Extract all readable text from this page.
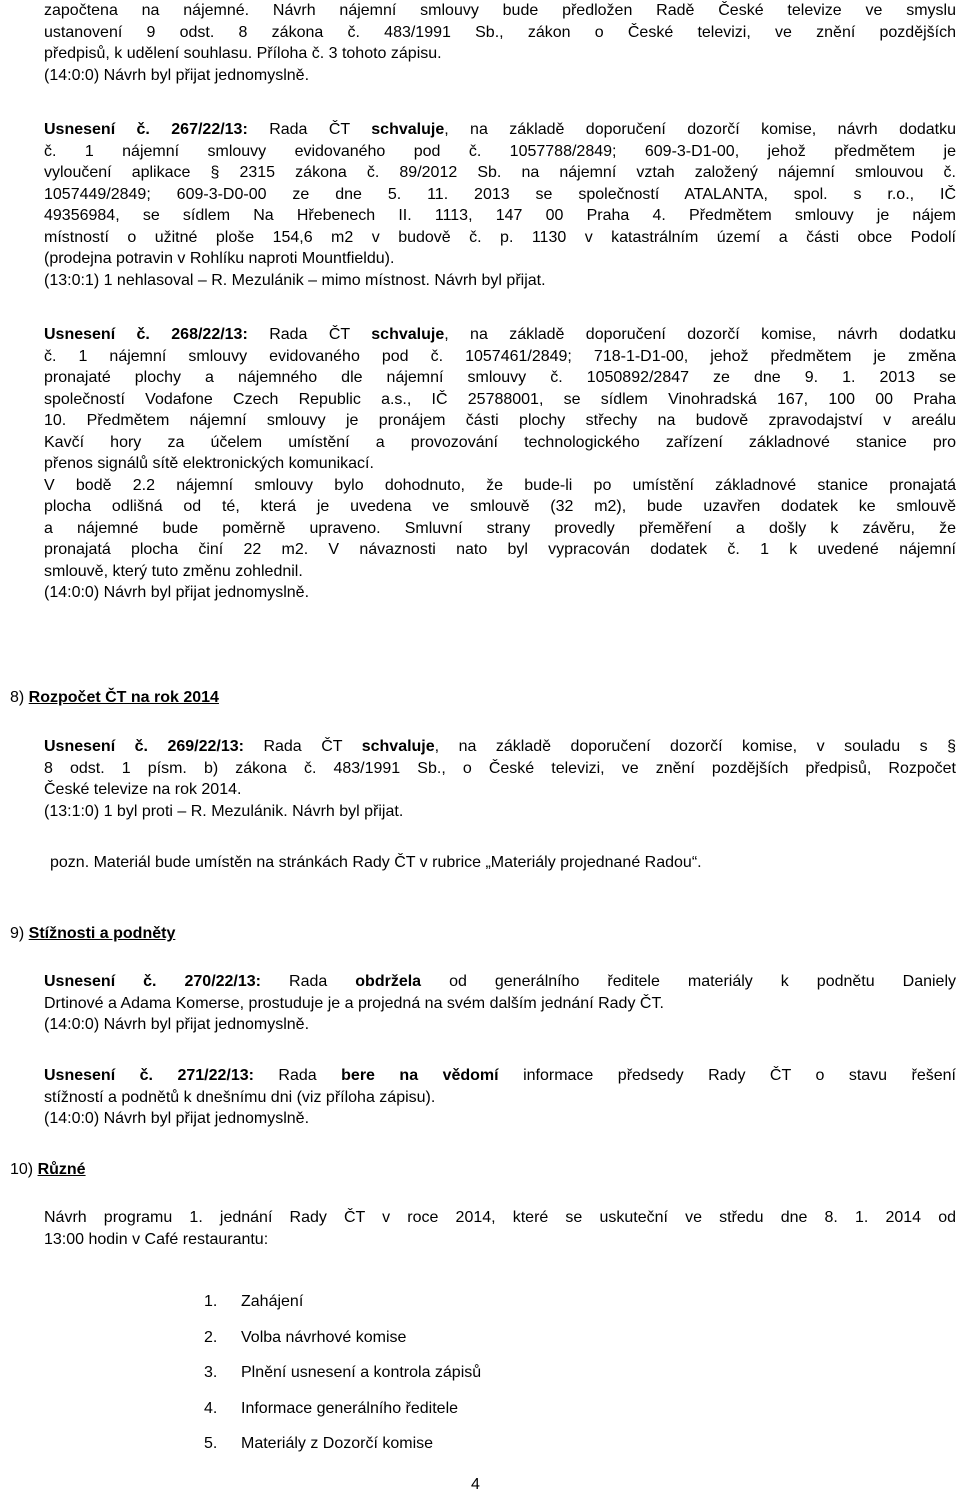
započtena na nájemné. Návrh nájemní smlouvy bude předložen Radě České televize ve smyslu
ustanovení 9 odst. 8 zákona č. 483/1991 Sb., zákon o České televizi, ve znění pozdějších
předpisů, k udělení souhlasu. Příloha č. 3 tohoto zápisu.
(14:0:0) Návrh byl přijat jednomyslně.
Usnesení č. 267/22/13: Rada ČT schvaluje, na základě doporučení dozorčí komise, návrh dodatku
č. 1 nájemní smlouvy evidovaného pod č. 1057788/2849; 609-3-D1-00, jehož předmětem je
vyloučení aplikace § 2315 zákona č. 89/2012 Sb. na nájemní vztah založený nájemní smlouvou č.
1057449/2849; 609-3-D0-00 ze dne 5. 11. 2013 se společností ATALANTA, spol. s r.o., IČ
49356984, se sídlem Na Hřebenech II. 1113, 147 00 Praha 4. Předmětem smlouvy je nájem
místností o užitné ploše 154,6 m2 v budově č. p. 1130 v katastrálním území a části obce Podolí
(prodejna potravin v Rohlíku naproti Mountfieldu).
(13:0:1) 1 nehlasoval – R. Mezulánik – mimo místnost. Návrh byl přijat.
Usnesení č. 268/22/13: Rada ČT schvaluje, na základě doporučení dozorčí komise, návrh dodatku
č. 1 nájemní smlouvy evidovaného pod č. 1057461/2849; 718-1-D1-00, jehož předmětem je změna
pronajaté plochy a nájemného dle nájemní smlouvy č. 1050892/2847 ze dne 9. 1. 2013 se
společností Vodafone Czech Republic a.s., IČ 25788001, se sídlem Vinohradská 167, 100 00 Praha
10. Předmětem nájemní smlouvy je pronájem části plochy střechy na budově zpravodajství v areálu
Kavčí hory za účelem umístění a provozování technologického zařízení základnové stanice pro
přenos signálů sítě elektronických komunikací.
V bodě 2.2 nájemní smlouvy bylo dohodnuto, že bude-li po umístění základnové stanice pronajatá
plocha odlišná od té, která je uvedena ve smlouvě (32 m2), bude uzavřen dodatek ke smlouvě
a nájemné bude poměrně upraveno. Smluvní strany provedly přeměření a došly k závěru, že
pronajatá plocha činí 22 m2. V návaznosti nato byl vypracován dodatek č. 1 k uvedené nájemní
smlouvě, který tuto změnu zohlednil.
(14:0:0) Návrh byl přijat jednomyslně.
8) Rozpočet ČT na rok 2014
Usnesení č. 269/22/13: Rada ČT schvaluje, na základě doporučení dozorčí komise, v souladu s §
8 odst. 1 písm. b) zákona č. 483/1991 Sb., o České televizi, ve znění pozdějších předpisů, Rozpočet
České televize na rok 2014.
(13:1:0) 1 byl proti – R. Mezulánik. Návrh byl přijat.
pozn. Materiál bude umístěn na stránkách Rady ČT v rubrice „Materiály projednané Radou“.
9) Stížnosti a podněty
Usnesení č. 270/22/13: Rada obdržela od generálního ředitele materiály k podnětu Daniely
Drtinové a Adama Komerse, prostuduje je a projedná na svém dalším jednání Rady ČT.
(14:0:0) Návrh byl přijat jednomyslně.
Usnesení č. 271/22/13: Rada bere na vědomí informace předsedy Rady ČT o stavu řešení
stížností a podnětů k dnešnímu dni (viz příloha zápisu).
(14:0:0) Návrh byl přijat jednomyslně.
10) Různé
Návrh programu 1. jednání Rady ČT v roce 2014, které se uskuteční ve středu dne 8. 1. 2014 od
13:00 hodin v Café restaurantu:
1. Zahájení
2. Volba návrhové komise
3. Plnění usnesení a kontrola zápisů
4. Informace generálního ředitele
5. Materiály z Dozorčí komise
4
